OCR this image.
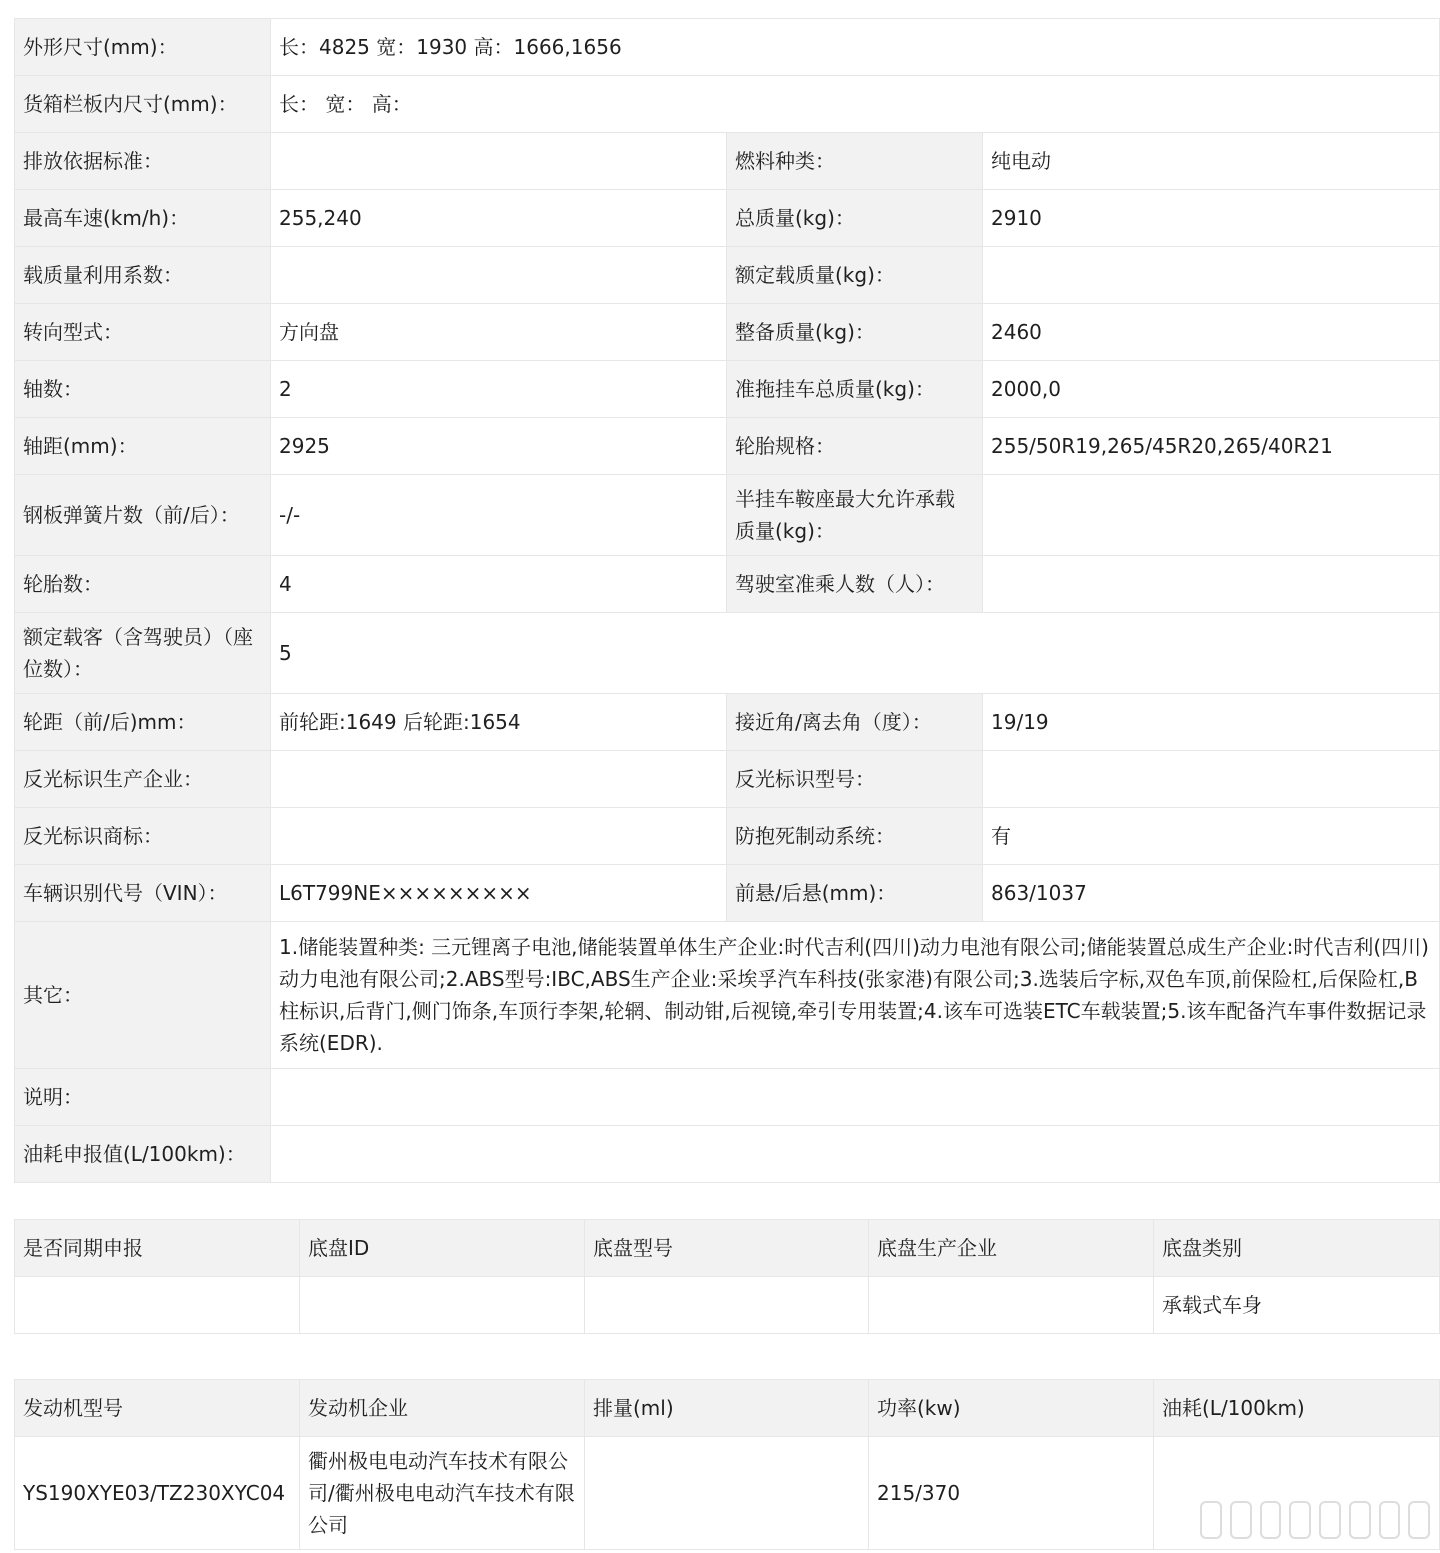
外形尺寸(mm)：	长：4825 宽：1930 高：1666,1656		
货箱栏板内尺寸(mm)：	长： 宽： 高：		
排放依据标准：		燃料种类：	纯电动
最高车速(km/h)：	255,240	总质量(kg)：	2910
载质量利用系数：		额定载质量(kg)：	
转向型式：	方向盘	整备质量(kg)：	2460
轴数：	2	准拖挂车总质量(kg)：	2000,0
轴距(mm)：	2925	轮胎规格：	255/50R19,265/45R20,265/40R21
钢板弹簧片数（前/后）：	-/-	半挂车鞍座最大允许承载质量(kg)：	
轮胎数：	4	驾驶室准乘人数（人）：	
额定载客（含驾驶员）（座位数）：	5		
轮距（前/后)mm：	前轮距:1649 后轮距:1654	接近角/离去角（度）：	19/19
反光标识生产企业：		反光标识型号：	
反光标识商标：		防抱死制动系统：	有
车辆识别代号（VIN）：	L6T799NE×××××××××	前悬/后悬(mm)：	863/1037
其它：	1.储能装置种类: 三元锂离子电池,储能装置单体生产企业:时代吉利(四川)动力电池有限公司;储能装置总成生产企业:时代吉利(四川)动力电池有限公司;2.ABS型号:IBC,ABS生产企业:采埃孚汽车科技(张家港)有限公司;3.选装后字标,双色车顶,前保险杠,后保险杠,B柱标识,后背门,侧门饰条,车顶行李架,轮辋、制动钳,后视镜,牵引专用装置;4.该车可选装ETC车载装置;5.该车配备汽车事件数据记录系统(EDR).		
说明：			
油耗申报值(L/100km)：			
是否同期申报	底盘ID	底盘型号	底盘生产企业	底盘类别
				承载式车身
发动机型号	发动机企业	排量(ml)	功率(kw)	油耗(L/100km)
YS190XYE03/TZ230XYC04	衢州极电电动汽车技术有限公司/衢州极电电动汽车技术有限公司		215/370	
